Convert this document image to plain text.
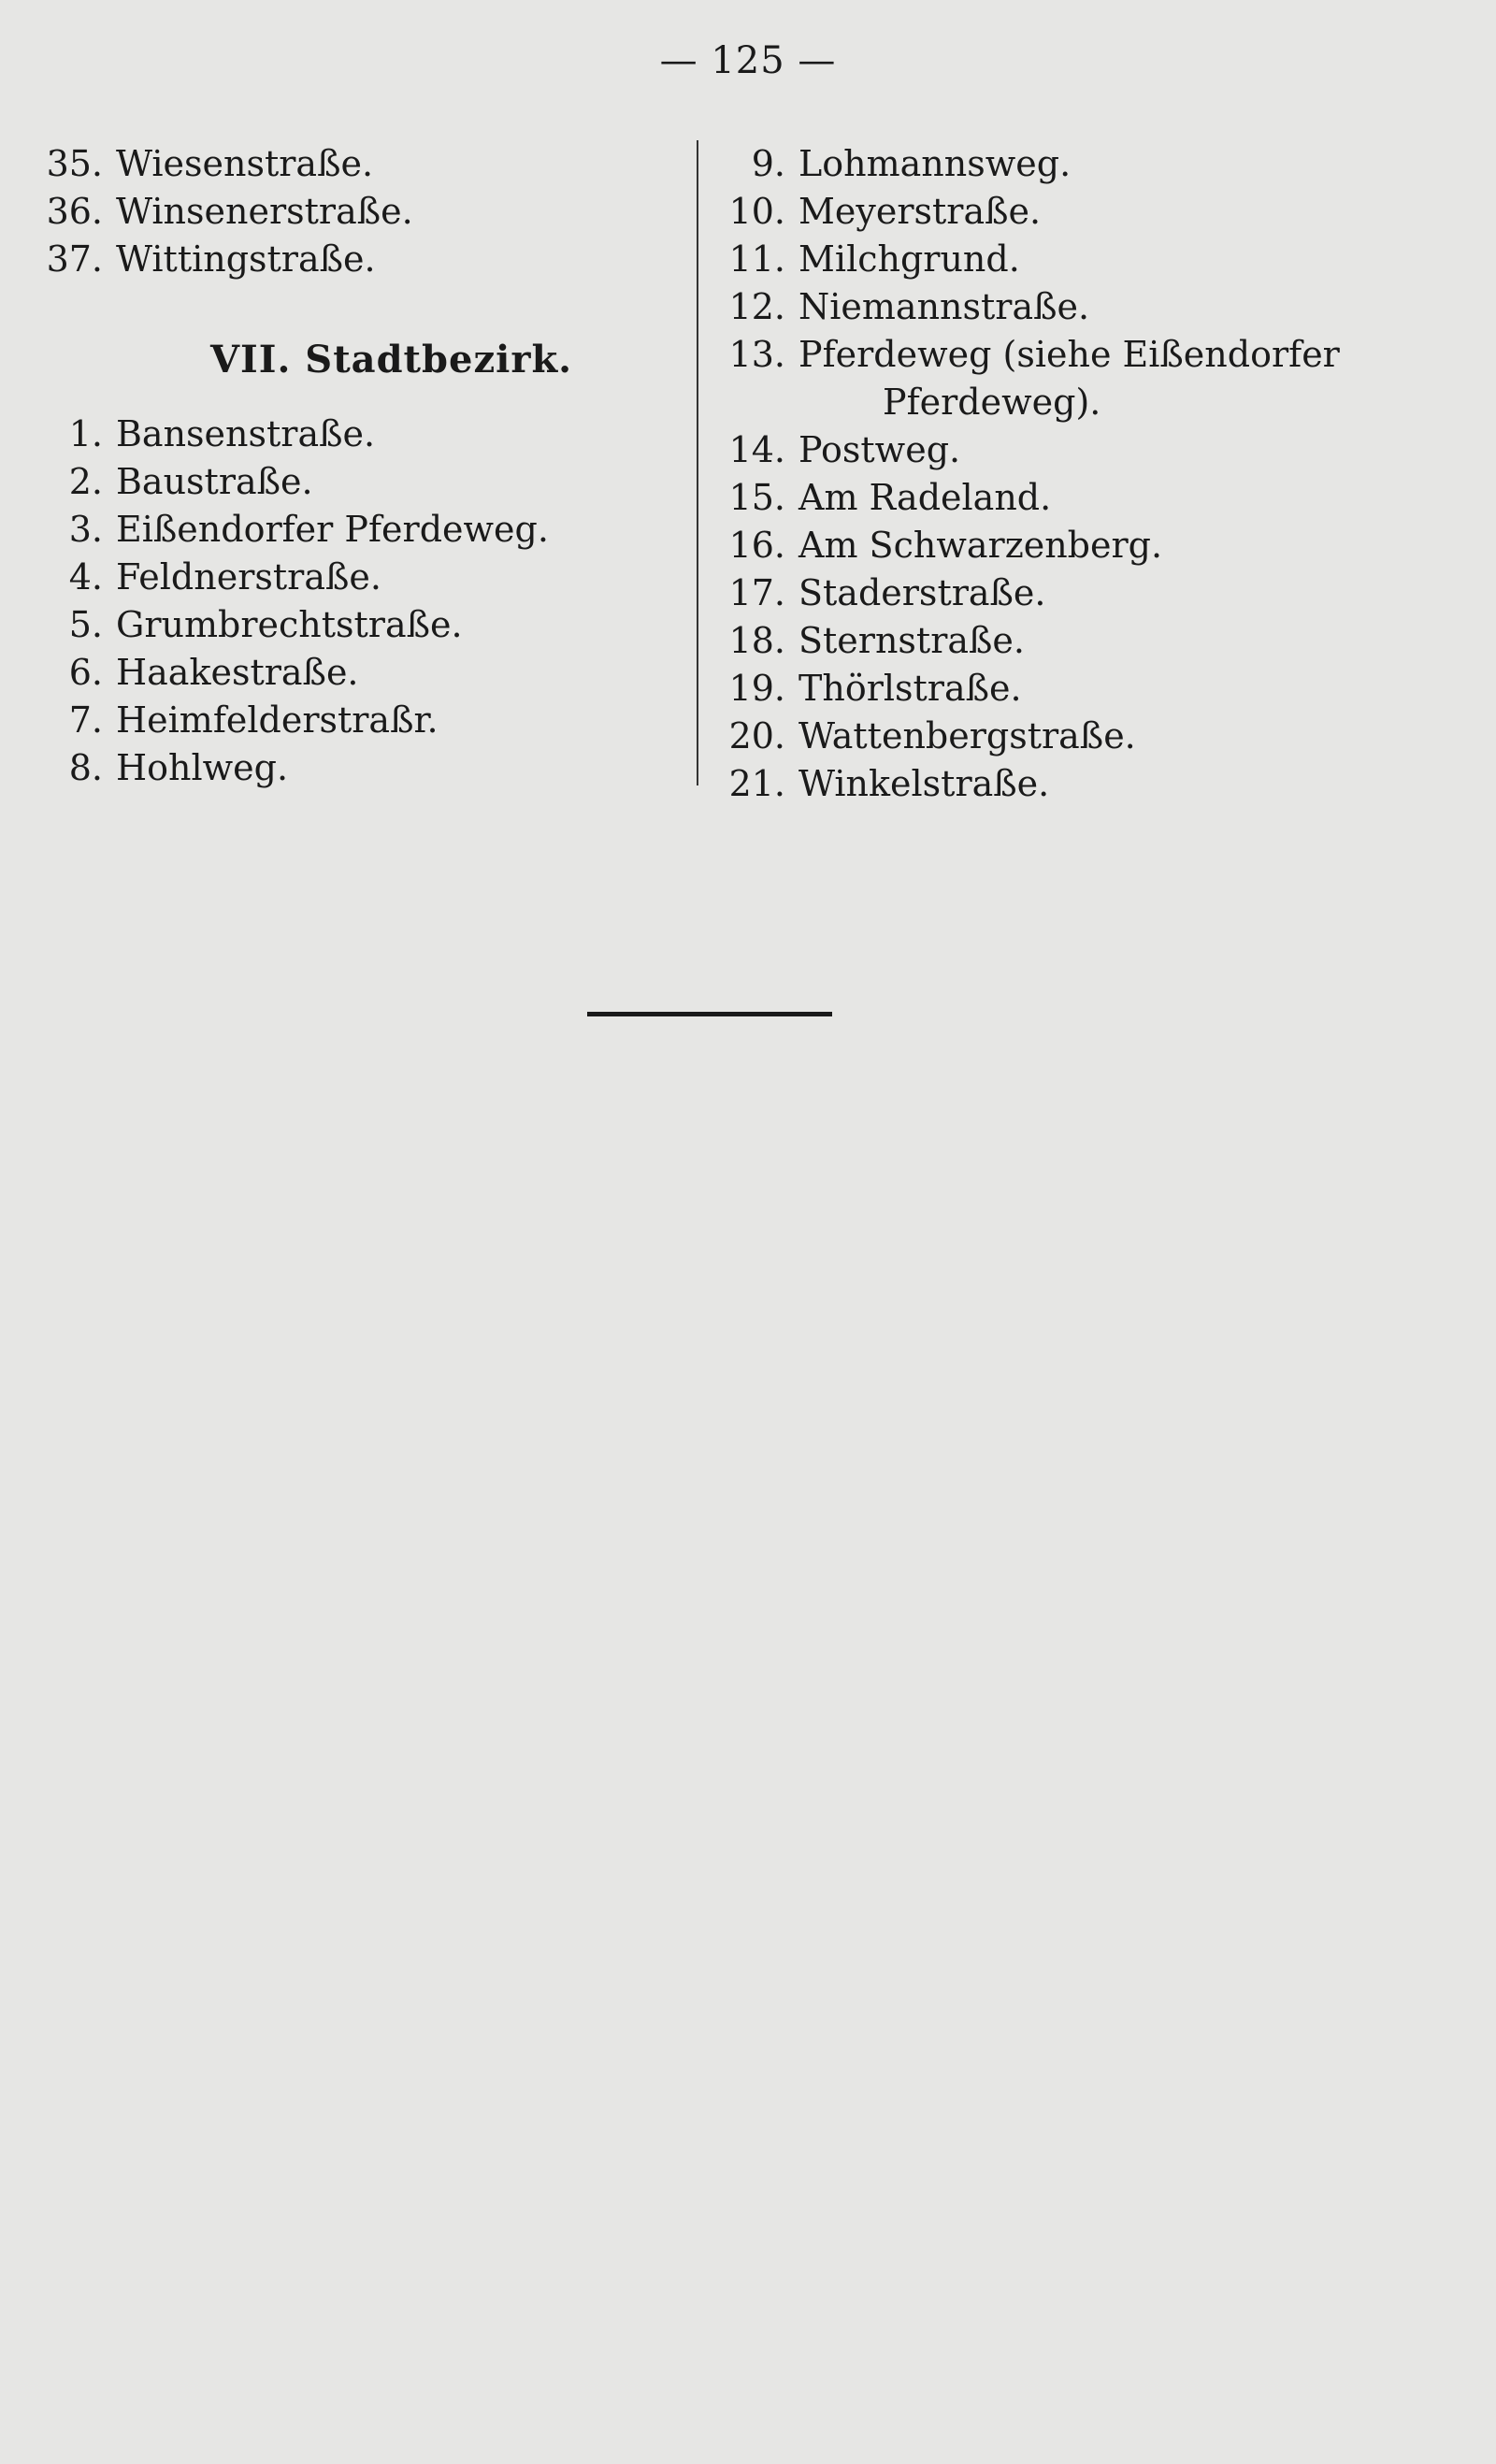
— 125 —
35. Wiesenstraße.
36. Winsenerstraße.
37. Wittingstraße.
VII. Stadtbezirk.
1. Bansenstraße.
2. Baustraße.
3. Eißendorfer Pferdeweg.
4. Feldnerstraße.
5. Grumbrechtstraße.
6. Haakestraße.
7. Heimfelderstraßr.
8. Hohlweg.
9. Lohmannsweg.
10. Meyerstraße.
11. Milchgrund.
12. Niemannstraße.
13. Pferdeweg (siehe Eißendorfer
Pferdeweg).
14. Postweg.
15. Am Radeland.
16. Am Schwarzenberg.
17. Staderstraße.
18. Sternstraße.
19. Thörlstraße.
20. Wattenbergstraße.
21. Winkelstraße.
